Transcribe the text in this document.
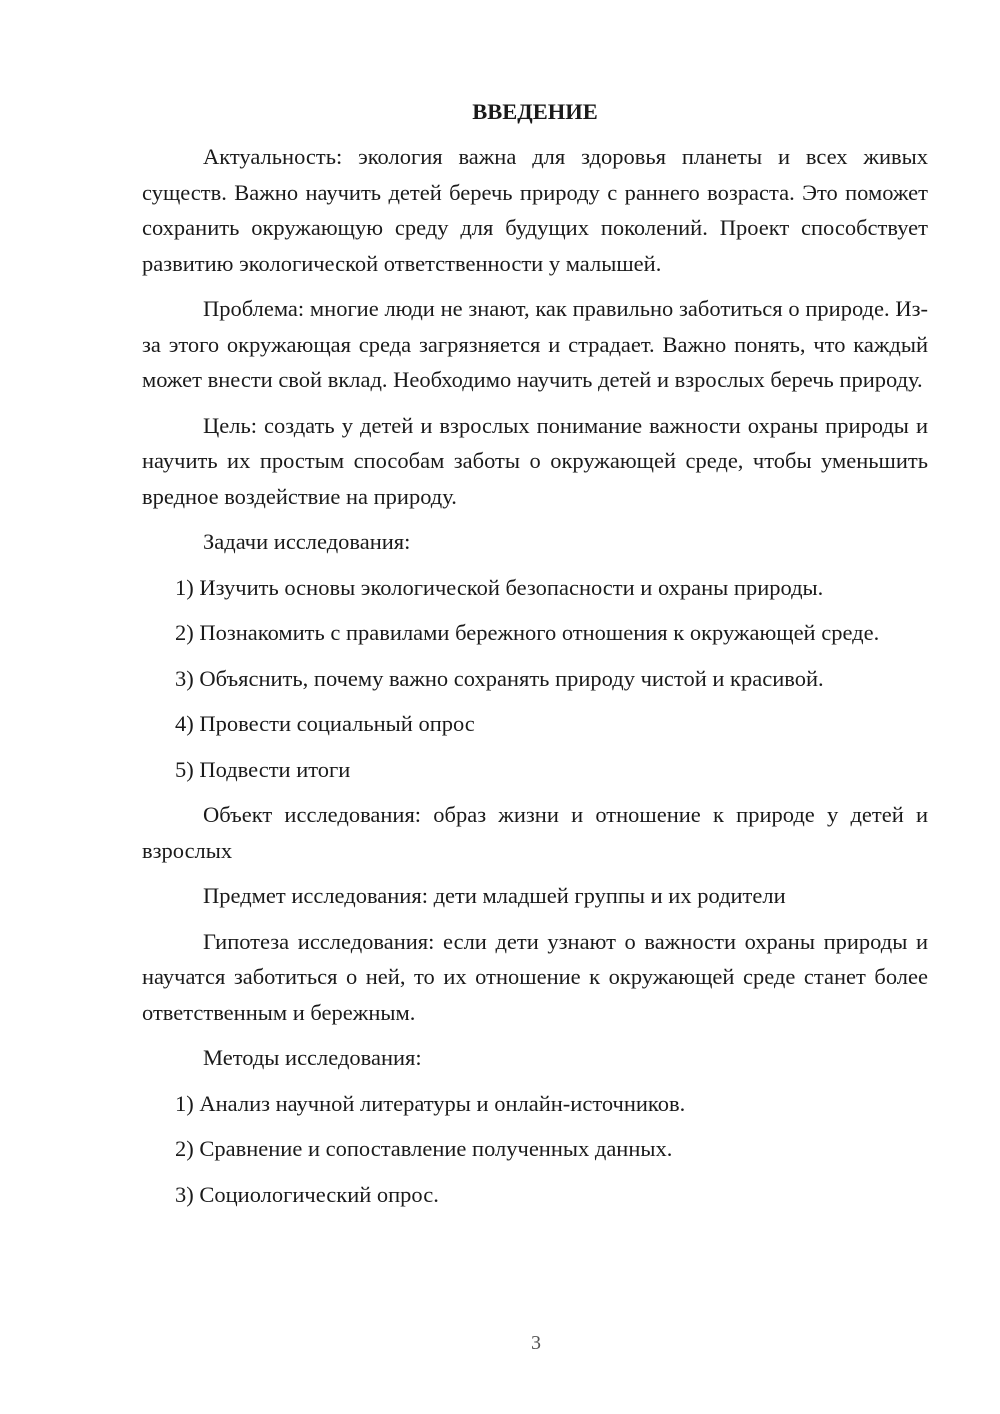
ВВЕДЕНИЕ

Актуальность: экология важна для здоровья планеты и всех живых существ. Важно научить детей беречь природу с раннего возраста. Это поможет сохранить окружающую среду для будущих поколений. Проект способствует развитию экологической ответственности у малышей.

Проблема: многие люди не знают, как правильно заботиться о природе. Из-за этого окружающая среда загрязняется и страдает. Важно понять, что каждый может внести свой вклад. Необходимо научить детей и взрослых беречь природу.

Цель: создать у детей и взрослых понимание важности охраны природы и научить их простым способам заботы о окружающей среде, чтобы уменьшить вредное воздействие на природу.

Задачи исследования:

1) Изучить основы экологической безопасности и охраны природы.

2) Познакомить с правилами бережного отношения к окружающей среде.

3) Объяснить, почему важно сохранять природу чистой и красивой.

4) Провести социальный опрос

5) Подвести итоги

Объект исследования: образ жизни и отношение к природе у детей и взрослых

Предмет исследования: дети младшей группы и их родители

Гипотеза исследования: если дети узнают о важности охраны природы и научатся заботиться о ней, то их отношение к окружающей среде станет более ответственным и бережным.

Методы исследования:

1) Анализ научной литературы и онлайн-источников.

2) Сравнение и сопоставление полученных данных.

3) Социологический опрос.

3
